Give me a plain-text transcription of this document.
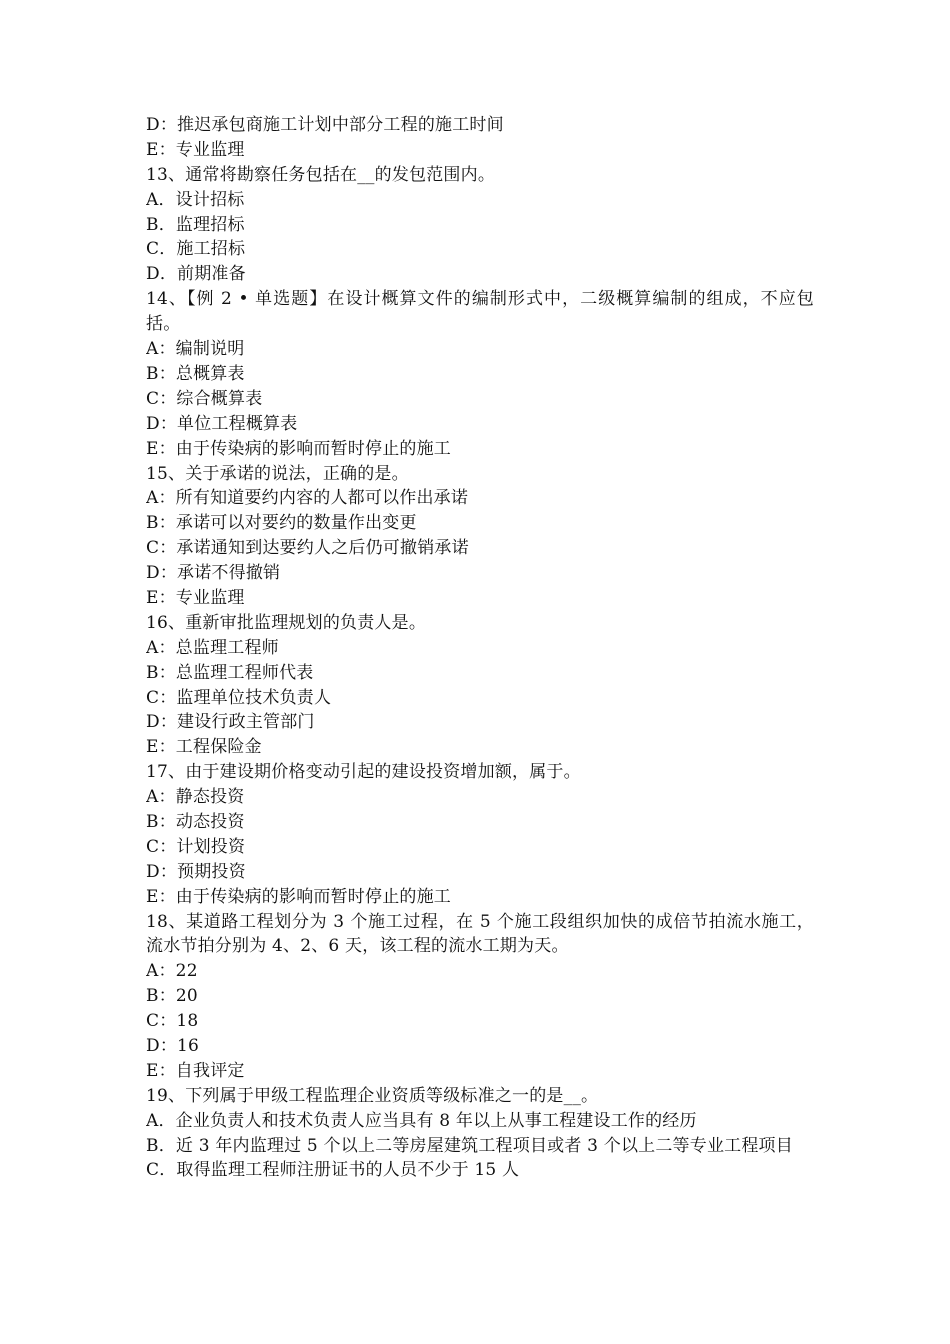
D：推迟承包商施工计划中部分工程的施工时间
E：专业监理
13、通常将勘察任务包括在__的发包范围内。
A．设计招标
B．监理招标
C．施工招标
D．前期准备
14、【例 2 • 单选题】在设计概算文件的编制形式中，二级概算编制的组成，不应包括。
A：编制说明
B：总概算表
C：综合概算表
D：单位工程概算表
E：由于传染病的影响而暂时停止的施工
15、关于承诺的说法，正确的是。
A：所有知道要约内容的人都可以作出承诺
B：承诺可以对要约的数量作出变更
C：承诺通知到达要约人之后仍可撤销承诺
D：承诺不得撤销
E：专业监理
16、重新审批监理规划的负责人是。
A：总监理工程师
B：总监理工程师代表
C：监理单位技术负责人
D：建设行政主管部门
E：工程保险金
17、由于建设期价格变动引起的建设投资增加额，属于。
A：静态投资
B：动态投资
C：计划投资
D：预期投资
E：由于传染病的影响而暂时停止的施工
18、某道路工程划分为 3 个施工过程，在 5 个施工段组织加快的成倍节拍流水施工，流水节拍分别为 4、2、6 天，该工程的流水工期为天。
A：22
B：20
C：18
D：16
E：自我评定
19、下列属于甲级工程监理企业资质等级标准之一的是__。
A．企业负责人和技术负责人应当具有 8 年以上从事工程建设工作的经历
B．近 3 年内监理过 5 个以上二等房屋建筑工程项目或者 3 个以上二等专业工程项目
C．取得监理工程师注册证书的人员不少于 15 人
